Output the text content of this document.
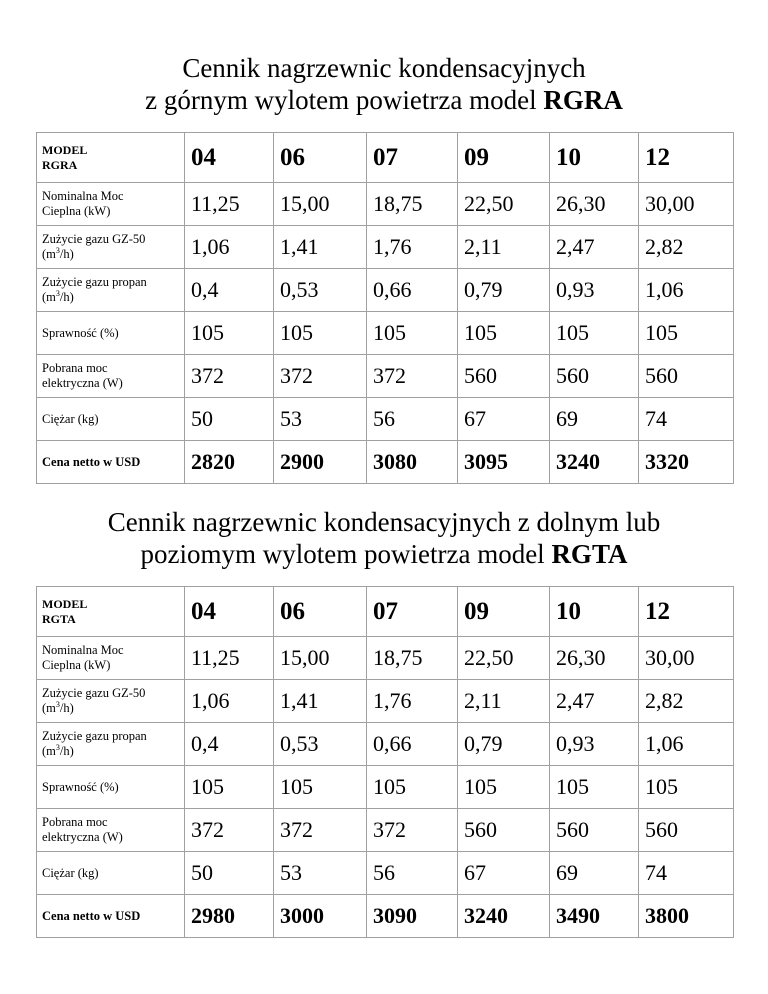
Cennik nagrzewnic kondensacyjnych
z górnym wylotem powietrza model RGRA
MODEL
RGRA	04	06	07	09	10	12
Nominalna Moc
Cieplna (kW)	11,25	15,00	18,75	22,50	26,30	30,00
Zużycie gazu GZ-50
$(m^3/h)$	1,06	1,41	1,76	2,11	2,47	2,82
Zużycie gazu propan
$(m^3/h)$	0,4	0,53	0,66	0,79	0,93	1,06
Sprawność (%)	105	105	105	105	105	105
Pobrana moc
elektryczna (W)	372	372	372	560	560	560
Ciężar (kg)	50	53	56	67	69	74
Cena netto w USD	2820	2900	3080	3095	3240	3320
Cennik nagrzewnic kondensacyjnych z dolnym lub
poziomym wylotem powietrza model RGTA
MODEL
RGTA	04	06	07	09	10	12
Nominalna Moc
Cieplna (kW)	11,25	15,00	18,75	22,50	26,30	30,00
Zużycie gazu GZ-50
$(m^3/h)$	1,06	1,41	1,76	2,11	2,47	2,82
Zużycie gazu propan
$(m^3/h)$	0,4	0,53	0,66	0,79	0,93	1,06
Sprawność (%)	105	105	105	105	105	105
Pobrana moc
elektryczna (W)	372	372	372	560	560	560
Ciężar (kg)	50	53	56	67	69	74
Cena netto w USD	2980	3000	3090	3240	3490	3800
